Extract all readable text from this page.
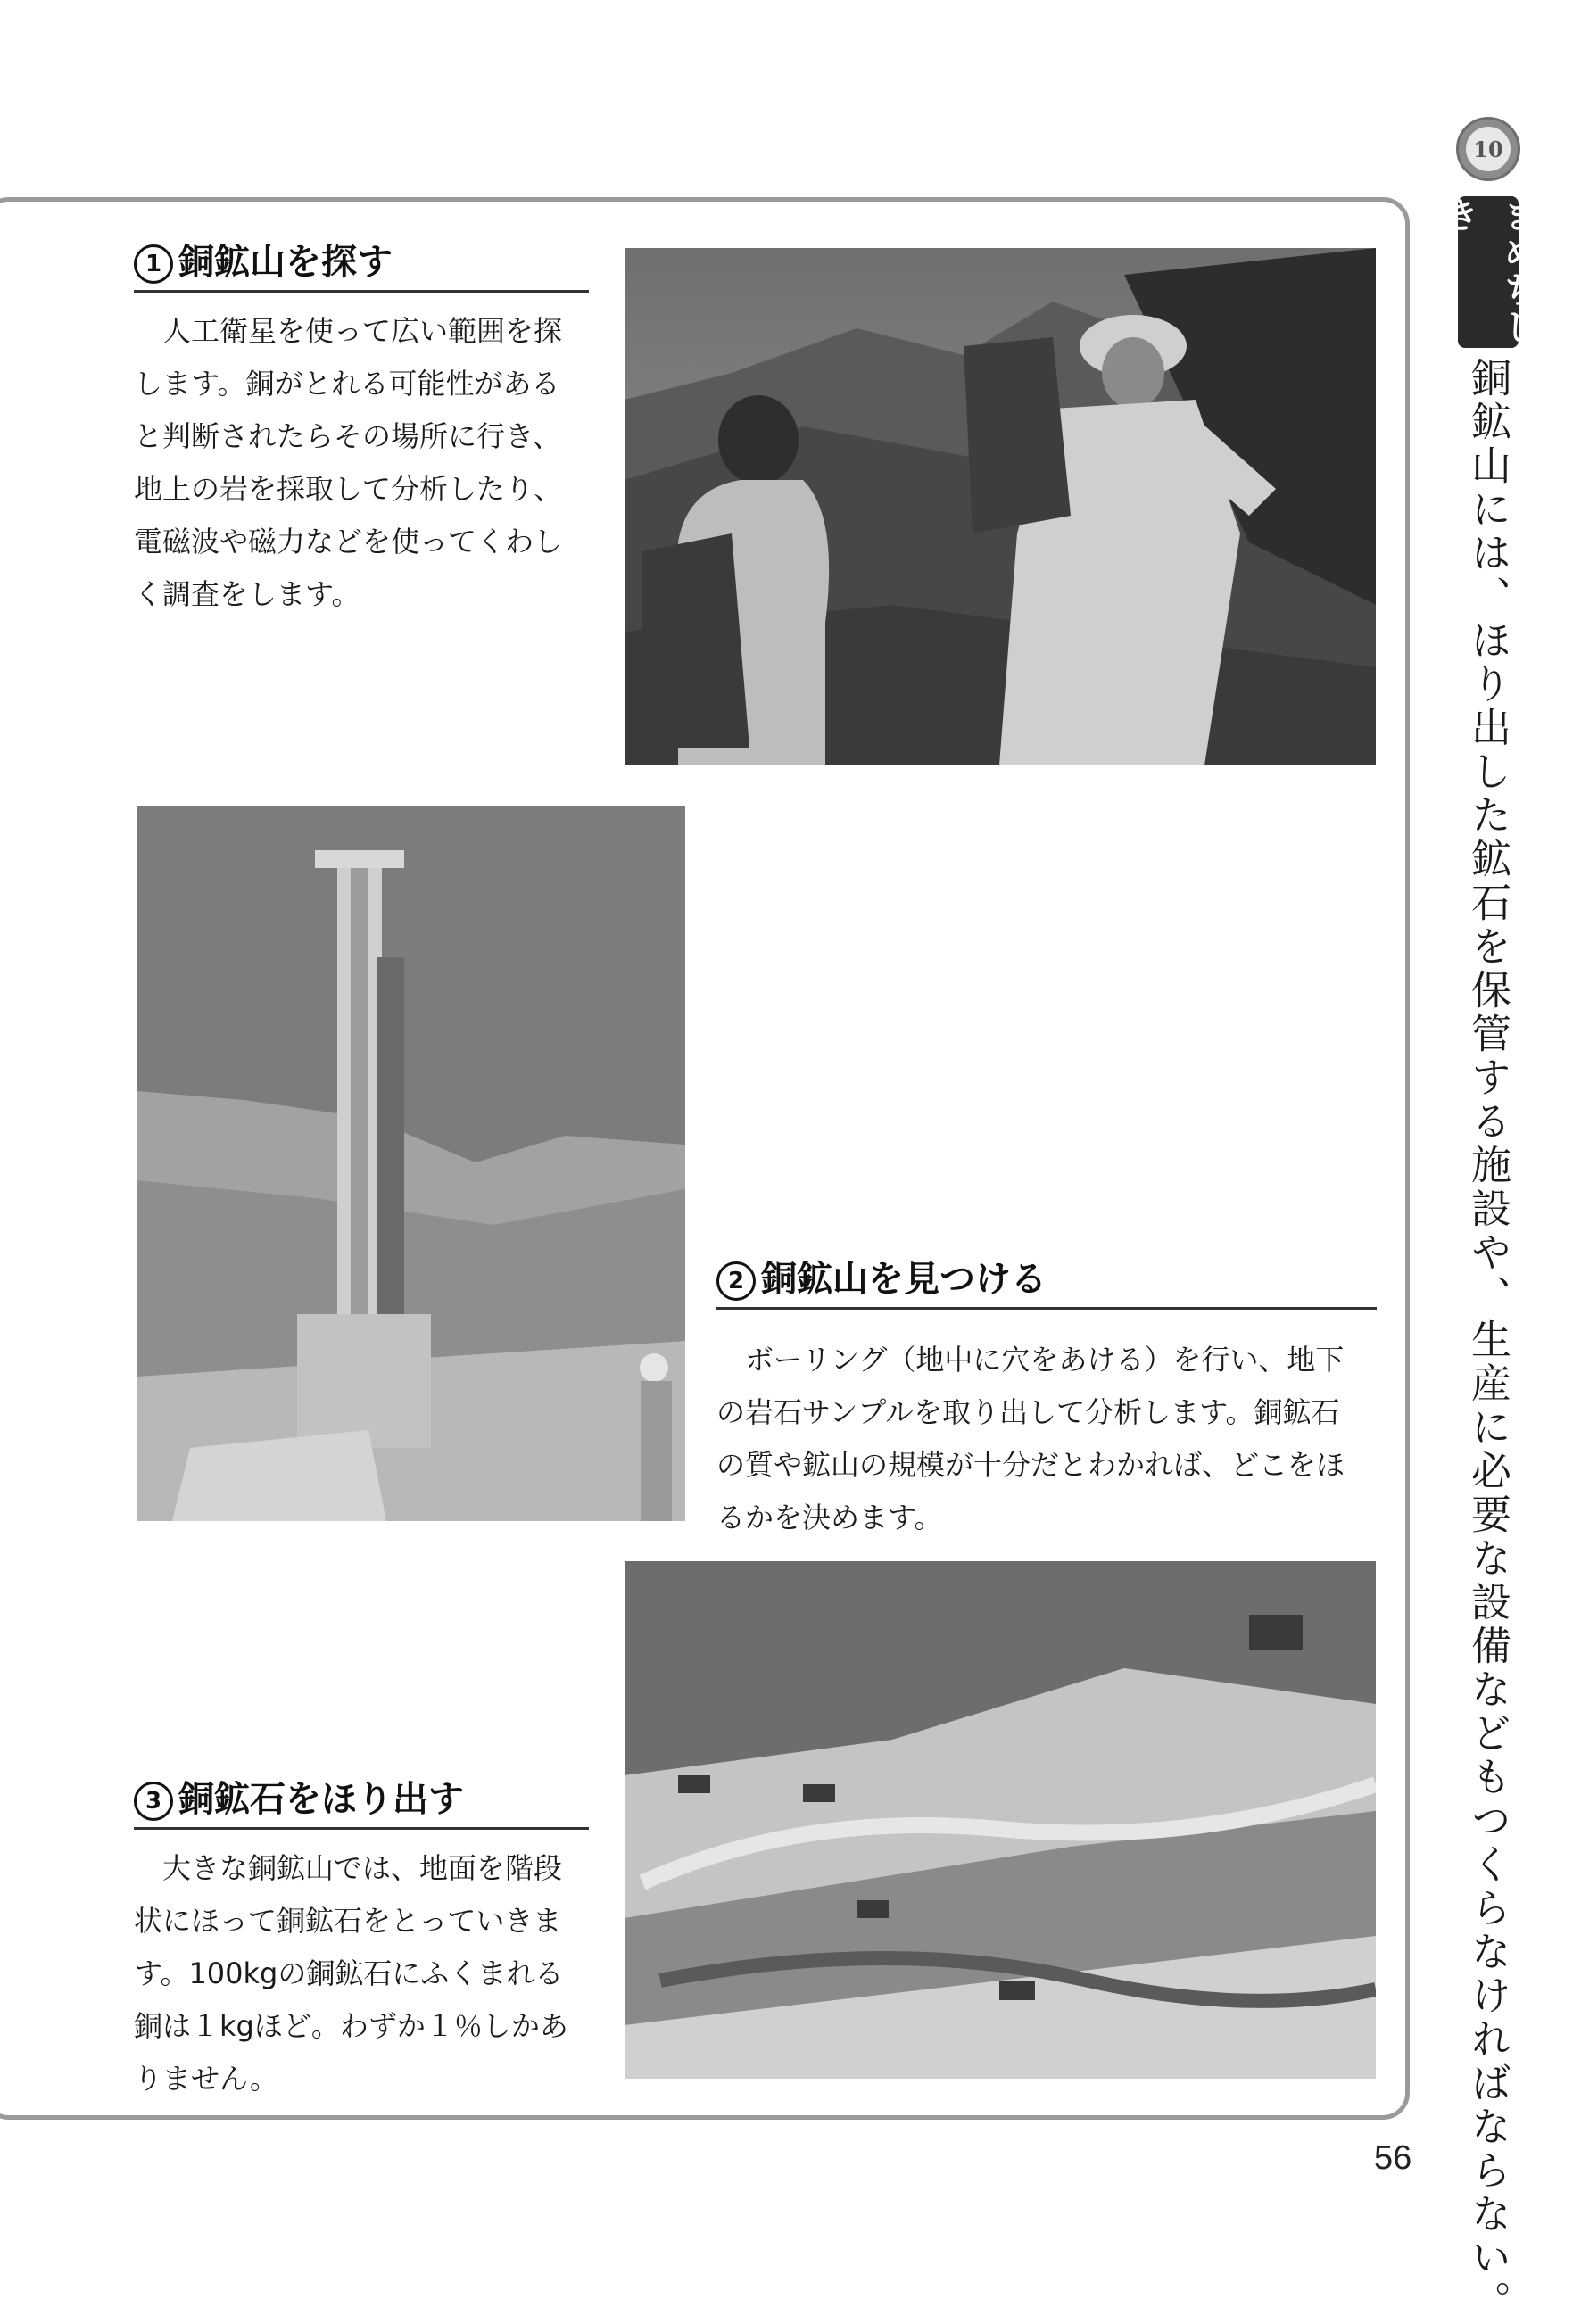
10
まめちしき
銅鉱山には、ほり出した鉱石を保管する施設や、生産に必要な設備などもつくらなければならない。
1 銅鉱山を探す
人工衛星を使って広い範囲を探
します。銅がとれる可能性がある
と判断されたらその場所に行き、
地上の岩を採取して分析したり、
電磁波や磁力などを使ってくわし
く調査をします。
2 銅鉱山を見つける
ボーリング（地中に穴をあける）を行い、地下
の岩石サンプルを取り出して分析します。銅鉱石
の質や鉱山の規模が十分だとわかれば、どこをほ
るかを決めます。
3 銅鉱石をほり出す
大きな銅鉱山では、地面を階段
状にほって銅鉱石をとっていきま
す。100kgの銅鉱石にふくまれる
銅は１kgほど。わずか１％しかあ
りません。
56
